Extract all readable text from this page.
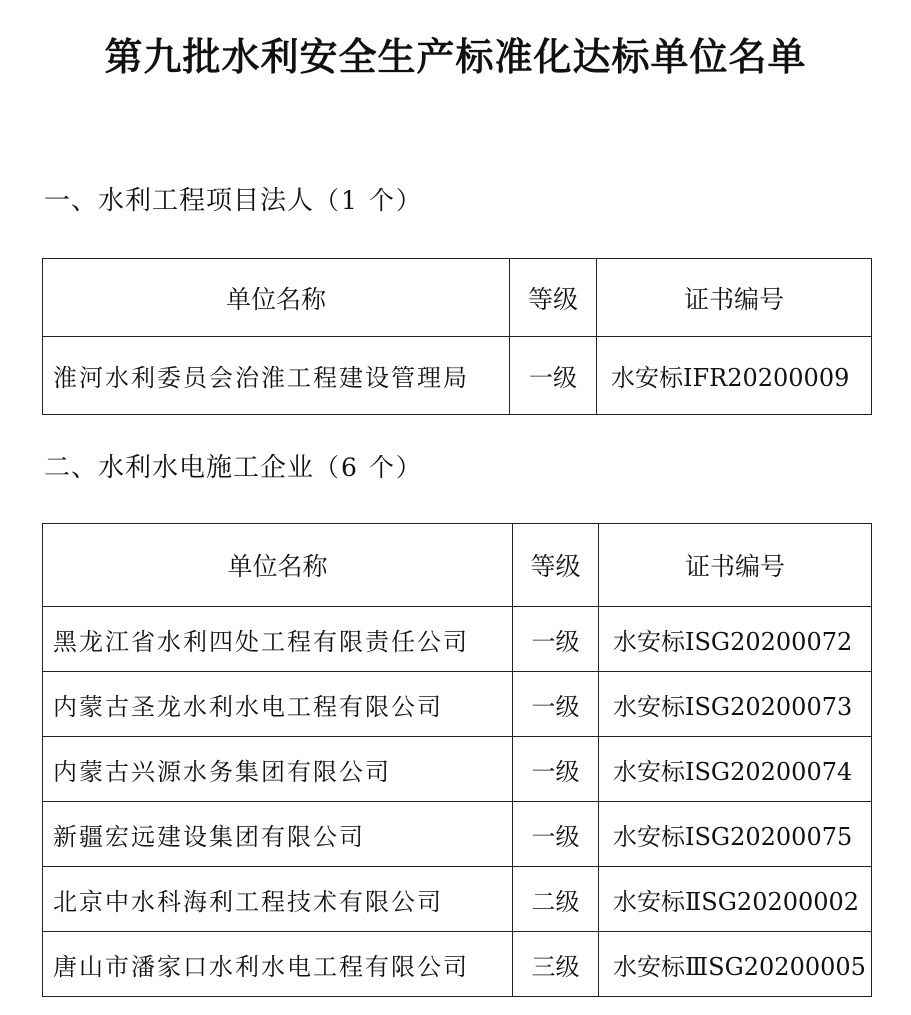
第九批水利安全生产标准化达标单位名单
一、水利工程项目法人（1 个）
单位名称	等级	证书编号
淮河水利委员会治淮工程建设管理局	一级	水安标ⅠFR20200009
二、水利水电施工企业（6 个）
单位名称	等级	证书编号
黑龙江省水利四处工程有限责任公司	一级	水安标ⅠSG20200072
内蒙古圣龙水利水电工程有限公司	一级	水安标ⅠSG20200073
内蒙古兴源水务集团有限公司	一级	水安标ⅠSG20200074
新疆宏远建设集团有限公司	一级	水安标ⅠSG20200075
北京中水科海利工程技术有限公司	二级	水安标ⅡSG20200002
唐山市潘家口水利水电工程有限公司	三级	水安标ⅢSG20200005
